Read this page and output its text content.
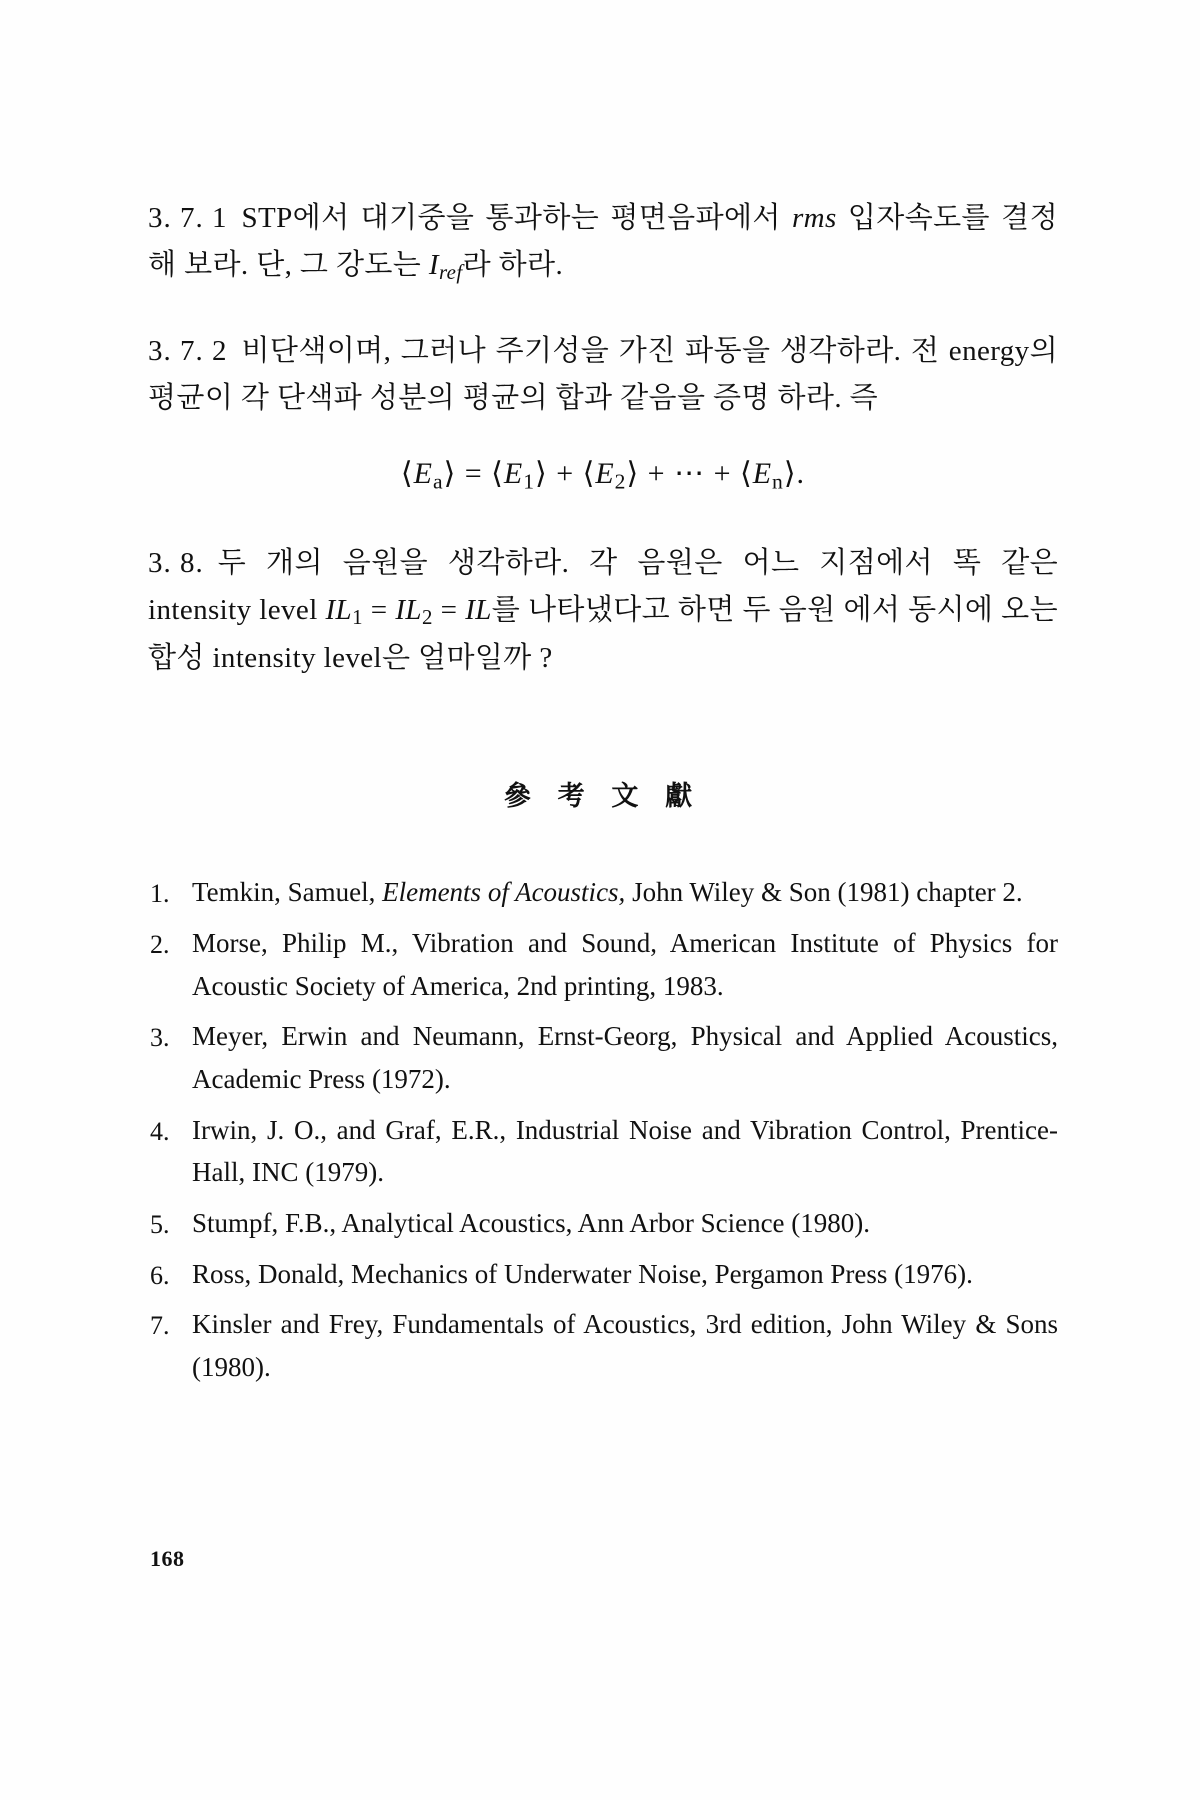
3. 7. 1 STP에서 대기중을 통과하는 평면음파에서 rms 입자속도를 결정해 보라. 단, 그 강도는 $I_{ref}$라 하라.

3. 7. 2 비단색이며, 그러나 주기성을 가진 파동을 생각하라. 전 energy의 평균이 각 단색파 성분의 평균의 합과 같음을 증명 하라. 즉

⟨Ea⟩ = ⟨E1⟩ + ⟨E2⟩ + ⋯ + ⟨En⟩.

3. 8. 두 개의 음원을 생각하라. 각 음원은 어느 지점에서 똑 같은 intensity level IL1 = IL2 = IL를 나타냈다고 하면 두 음원 에서 동시에 오는 합성 intensity level은 얼마일까 ?

參 考 文 獻
1. Temkin, Samuel, Elements of Acoustics, John Wiley & Son (1981) chapter 2.
2. Morse, Philip M., Vibration and Sound, American Institute of Physics for Acoustic Society of America, 2nd printing, 1983.
3. Meyer, Erwin and Neumann, Ernst-Georg, Physical and Applied Acoustics, Academic Press (1972).
4. Irwin, J. O., and Graf, E.R., Industrial Noise and Vibration Control, Prentice-Hall, INC (1979).
5. Stumpf, F.B., Analytical Acoustics, Ann Arbor Science (1980).
6. Ross, Donald, Mechanics of Underwater Noise, Pergamon Press (1976).
7. Kinsler and Frey, Fundamentals of Acoustics, 3rd edition, John Wiley & Sons (1980).
168
